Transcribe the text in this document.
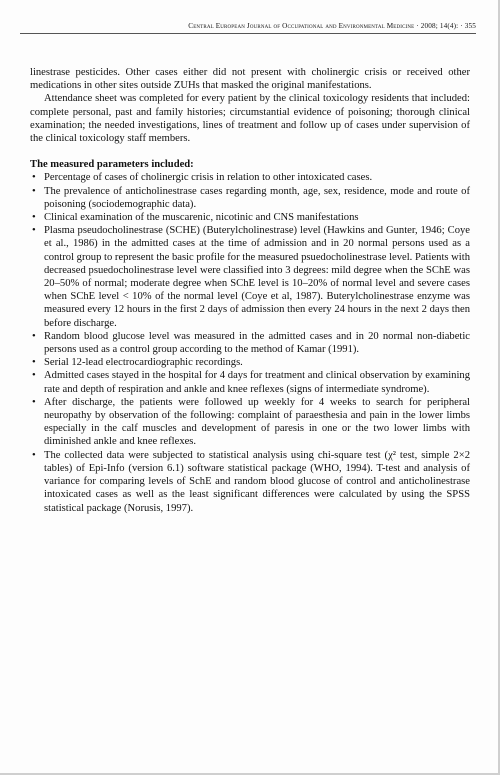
Central European Journal of Occupational and Environmental Medicine · 2008; 14(4): · 355

linestrase pesticides. Other cases either did not present with cholinergic crisis or received other medications in other sites outside ZUHs that masked the original manifestations.

Attendance sheet was completed for every patient by the clinical toxicology residents that included: complete personal, past and family histories; circumstantial evidence of poisoning; thorough clinical examination; the needed investigations, lines of treatment and follow up of cases under supervision of the clinical toxicology staff members.

The measured parameters included:

• Percentage of cases of cholinergic crisis in relation to other intoxicated cases.
• The prevalence of anticholinestrase cases regarding month, age, sex, residence, mode and route of poisoning (sociodemographic data).
• Clinical examination of the muscarenic, nicotinic and CNS manifestations
• Plasma pseudocholinestrase (SCHE) (Buterylcholinestrase) level (Hawkins and Gunter, 1946; Coye et al., 1986) in the admitted cases at the time of admission and in 20 normal persons used as a control group to represent the basic profile for the measured psuedocholinestrase level. Patients with decreased psuedocholinestrase level were classified into 3 degrees: mild degree when the SChE was 20–50% of normal; moderate degree when SChE level is 10–20% of normal level and severe cases when SChE level < 10% of the normal level (Coye et al, 1987). Buterylcholinestrase enzyme was measured every 12 hours in the first 2 days of admission then every 24 hours in the next 2 days then before discharge.
• Random blood glucose level was measured in the admitted cases and in 20 normal non-diabetic persons used as a control group according to the method of Kamar (1991).
• Serial 12-lead electrocardiographic recordings.
• Admitted cases stayed in the hospital for 4 days for treatment and clinical observation by examining rate and depth of respiration and ankle and knee reflexes (signs of intermediate syndrome).
• After discharge, the patients were followed up weekly for 4 weeks to search for peripheral neuropathy by observation of the following: complaint of paraesthesia and pain in the lower limbs especially in the calf muscles and development of paresis in one or the two lower limbs with diminished ankle and knee reflexes.
• The collected data were subjected to statistical analysis using chi-square test (χ² test, simple 2×2 tables) of Epi-Info (version 6.1) software statistical package (WHO, 1994). T-test and analysis of variance for comparing levels of SchE and random blood glucose of control and anticholinestrase intoxicated cases as well as the least significant differences were calculated by using the SPSS statistical package (Norusis, 1997).
